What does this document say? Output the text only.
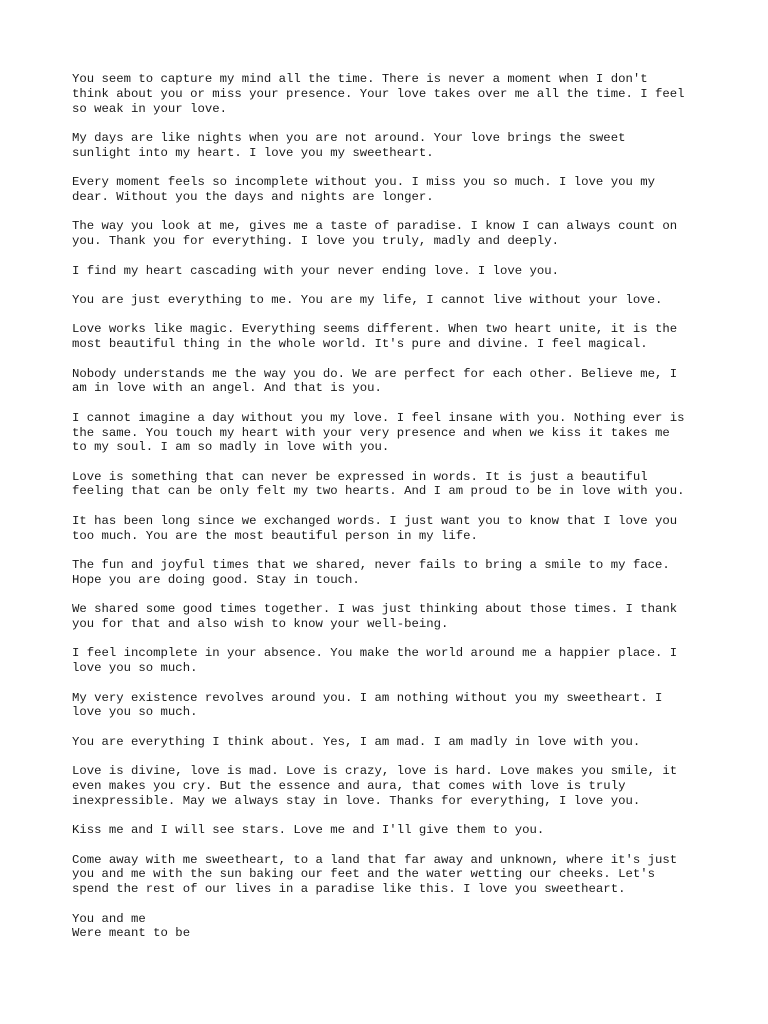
You seem to capture my mind all the time. There is never a moment when I don't
think about you or miss your presence. Your love takes over me all the time. I feel
so weak in your love.

My days are like nights when you are not around. Your love brings the sweet
sunlight into my heart. I love you my sweetheart.

Every moment feels so incomplete without you. I miss you so much. I love you my
dear. Without you the days and nights are longer.

The way you look at me, gives me a taste of paradise. I know I can always count on
you. Thank you for everything. I love you truly, madly and deeply.

I find my heart cascading with your never ending love. I love you.

You are just everything to me. You are my life, I cannot live without your love.

Love works like magic. Everything seems different. When two heart unite, it is the
most beautiful thing in the whole world. It's pure and divine. I feel magical.

Nobody understands me the way you do. We are perfect for each other. Believe me, I
am in love with an angel. And that is you.

I cannot imagine a day without you my love. I feel insane with you. Nothing ever is
the same. You touch my heart with your very presence and when we kiss it takes me
to my soul. I am so madly in love with you.

Love is something that can never be expressed in words. It is just a beautiful
feeling that can be only felt my two hearts. And I am proud to be in love with you.

It has been long since we exchanged words. I just want you to know that I love you
too much. You are the most beautiful person in my life.

The fun and joyful times that we shared, never fails to bring a smile to my face.
Hope you are doing good. Stay in touch.

We shared some good times together. I was just thinking about those times. I thank
you for that and also wish to know your well-being.

I feel incomplete in your absence. You make the world around me a happier place. I
love you so much.

My very existence revolves around you. I am nothing without you my sweetheart. I
love you so much.

You are everything I think about. Yes, I am mad. I am madly in love with you.

Love is divine, love is mad. Love is crazy, love is hard. Love makes you smile, it
even makes you cry. But the essence and aura, that comes with love is truly
inexpressible. May we always stay in love. Thanks for everything, I love you.

Kiss me and I will see stars. Love me and I'll give them to you.

Come away with me sweetheart, to a land that far away and unknown, where it's just
you and me with the sun baking our feet and the water wetting our cheeks. Let's
spend the rest of our lives in a paradise like this. I love you sweetheart.

You and me
Were meant to be
